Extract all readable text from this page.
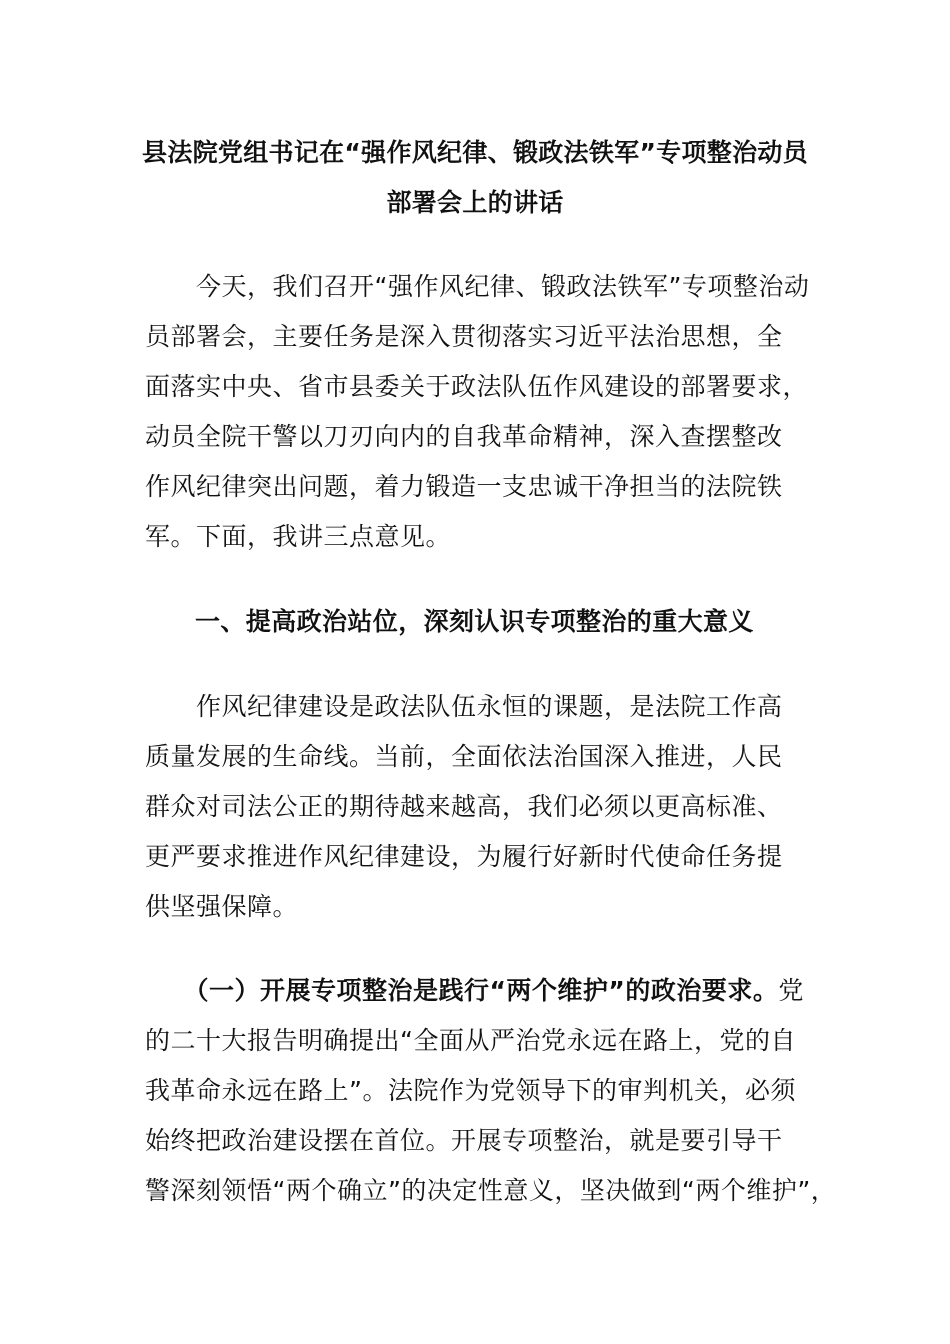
县法院党组书记在“强作风纪律、锻政法铁军”专项整治动员
部署会上的讲话
　　今天，我们召开“强作风纪律、锻政法铁军”专项整治动
员部署会，主要任务是深入贯彻落实习近平法治思想，全
面落实中央、省市县委关于政法队伍作风建设的部署要求，
动员全院干警以刀刃向内的自我革命精神，深入查摆整改
作风纪律突出问题，着力锻造一支忠诚干净担当的法院铁
军。下面，我讲三点意见。
一、提高政治站位，深刻认识专项整治的重大意义
　　作风纪律建设是政法队伍永恒的课题，是法院工作高
质量发展的生命线。当前，全面依法治国深入推进，人民
群众对司法公正的期待越来越高，我们必须以更高标准、
更严要求推进作风纪律建设，为履行好新时代使命任务提
供坚强保障。
　　（一）开展专项整治是践行“两个维护”的政治要求。党
的二十大报告明确提出“全面从严治党永远在路上，党的自
我革命永远在路上”。法院作为党领导下的审判机关，必须
始终把政治建设摆在首位。开展专项整治，就是要引导干
警深刻领悟“两个确立”的决定性意义，坚决做到“两个维护”，
